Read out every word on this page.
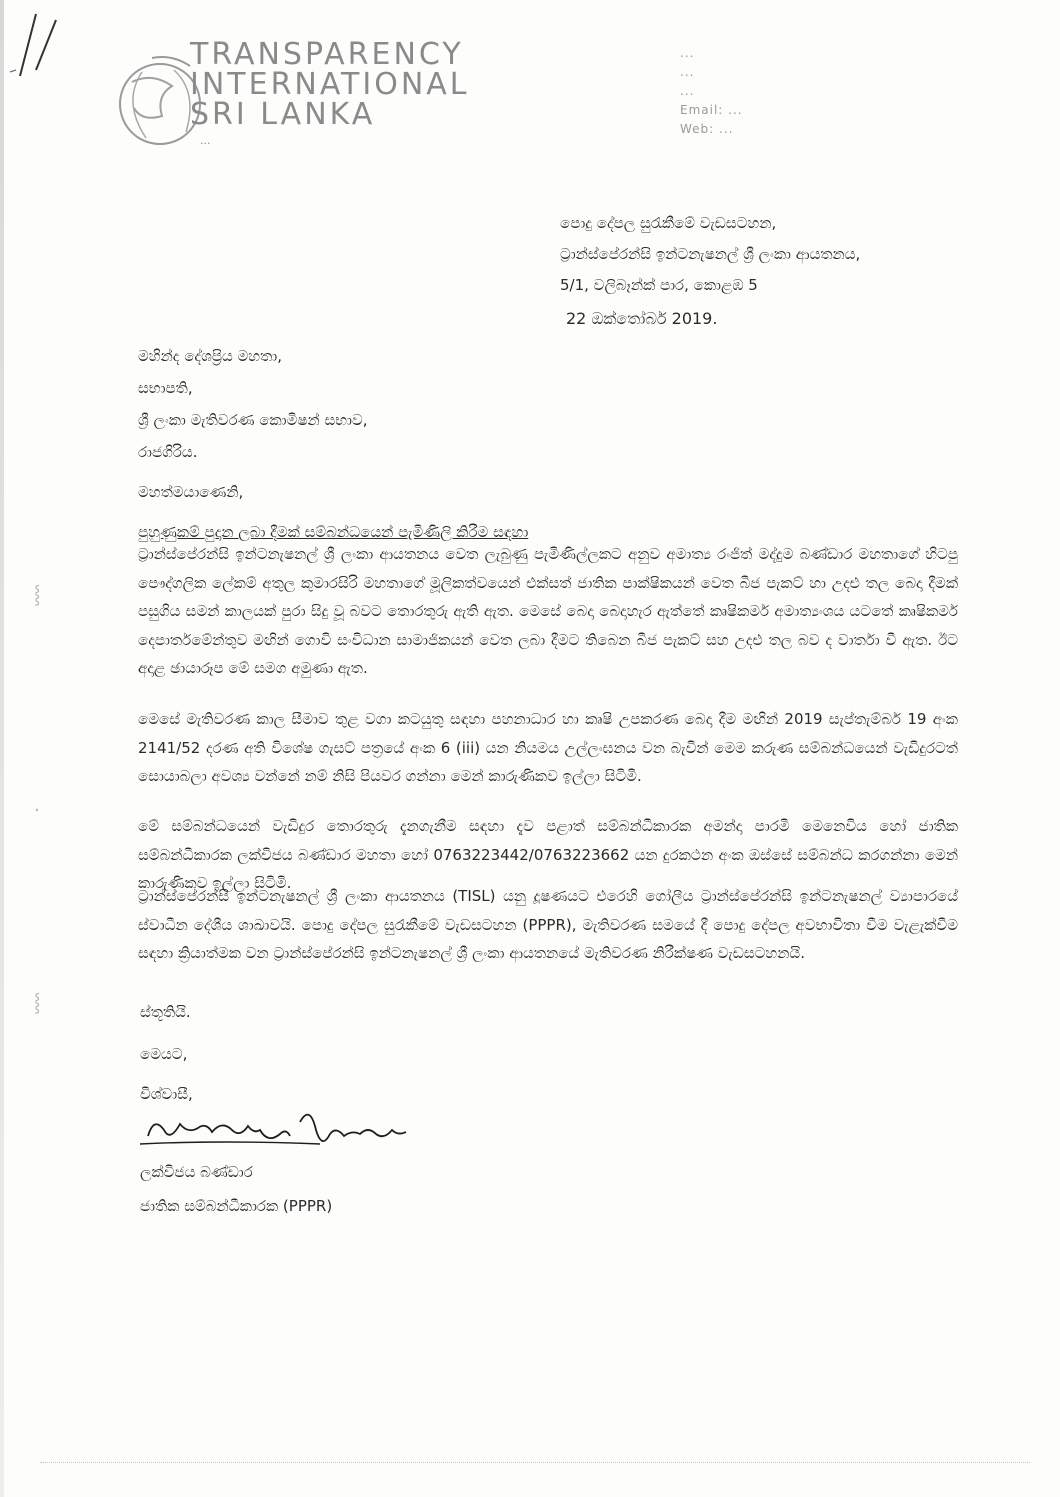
TRANSPARENCY
INTERNATIONAL
SRI LANKA
...
...
...
...
Email: ...
Web: ...
පොදු දේපල සුරැකීමේ වැඩසටහන,
ට්‍රාන්ස්පේරන්සි ඉන්ටනැෂනල් ශ්‍රී ලංකා ආයතනය,
5/1, වලිබෑන්ක් පාර, කොළඹ 5
22 ඔක්තෝබර් 2019.
මහින්ද දේශප්‍රිය මහතා,
සභාපති,
ශ්‍රී ලංකා මැතිවරණ කොමිෂන් සභාව,
රාජගිරිය.
මහත්මයාණෙනි,
පුහුණුකම් පුදාන ලබා දීමක් සම්බන්ධයෙන් පැමිණිලි කිරීම සඳහා
ට්‍රාන්ස්පේරන්සි ඉන්ටනැෂනල් ශ්‍රී ලංකා ආයතනය වෙත ලැබුණු පැමිණිල්ලකට අනුව අමාත්‍ය රංජිත් මද්දුම බණ්ඩාර මහතාගේ හිටපු පෞද්ගලික ලේකම් අතුල කුමාරසිරි මහතාගේ මූලිකත්වයෙන් එක්සත් ජාතික පාක්ෂිකයන් වෙත බීජ පැකට් හා උදළු තල බෙදා දීමක් පසුගිය සමන් කාලයක් පුරා සිදු වූ බවට තොරතුරු ඇති ඇත. මෙසේ බෙදා බෙදාහැර ඇත්තේ කෘෂිකර්ම අමාත්‍යංශය යටතේ කෘෂිකර්ම දෙපාර්තමේන්තුව මඟින් ගොවි සංවිධාන සාමාජිකයන් වෙත ලබා දීමට තිබෙන බීජ පැකට් සහ උදළු තල බව ද වාර්තා වී ඇත. ඊට අදාළ ඡායාරූප මේ සමග අමුණා ඇත.
මෙසේ මැතිවරණ කාල සීමාව තුළ වගා කටයුතු සඳහා පහනාධාර හා කෘෂි උපකරණ බෙදා දීම මඟින් 2019 සැප්තැම්බර් 19 අංක 2141/52 දරණ අති විශේෂ ගැසට් පත්‍රයේ අංක 6 (iii) යන නියමය උල්ලංඝනය වන බැවින් මෙම කරුණ සම්බන්ධයෙන් වැඩිදුරටත් සොයාබලා අවශ්‍ය වන්නේ නම් නිසි පියවර ගන්නා මෙන් කාරුණිකව ඉල්ලා සිටිමි.
මේ සම්බන්ධයෙන් වැඩිදුර තොරතුරු දැනගැනීම සඳහා දැව පළාත් සම්බන්ධීකාරක අමන්දා පාරමී මෙනෙවිය හෝ ජාතික සම්බන්ධීකාරක ලක්විජය බණ්ඩාර මහතා හෝ 0763223442/0763223662 යන දුරකථන අංක ඔස්සේ සම්බන්ධ කරගන්නා මෙන් කාරුණිකව ඉල්ලා සිටිමි.
ට්‍රාන්ස්පේරන්සි ඉන්ටනැෂනල් ශ්‍රී ලංකා ආයතනය (TISL) යනු දූෂණයට එරෙහි ගෝලීය ට්‍රාන්ස්පේරන්සි ඉන්ටනැෂනල් ව්‍යාපාරයේ ස්වාධීන දේශීය ශාඛාවයි. පොදු දේපල සුරැකීමේ වැඩසටහන (PPPR), මැතිවරණ සමයේ දී පොදු දේපල අවභාවිතා වීම වැළැක්වීම සඳහා ක්‍රියාත්මක වන ට්‍රාන්ස්පේරන්සි ඉන්ටනැෂනල් ශ්‍රී ලංකා ආයතනයේ මැතිවරණ නිරීක්ෂණ වැඩසටහනයි.
ස්තූතියි.
මෙයට,
විශ්වාසී,
ලක්විජය බණ්ඩාර
ජාතික සම්බන්ධීකාරක (PPPR)
⸾
·
⸾
